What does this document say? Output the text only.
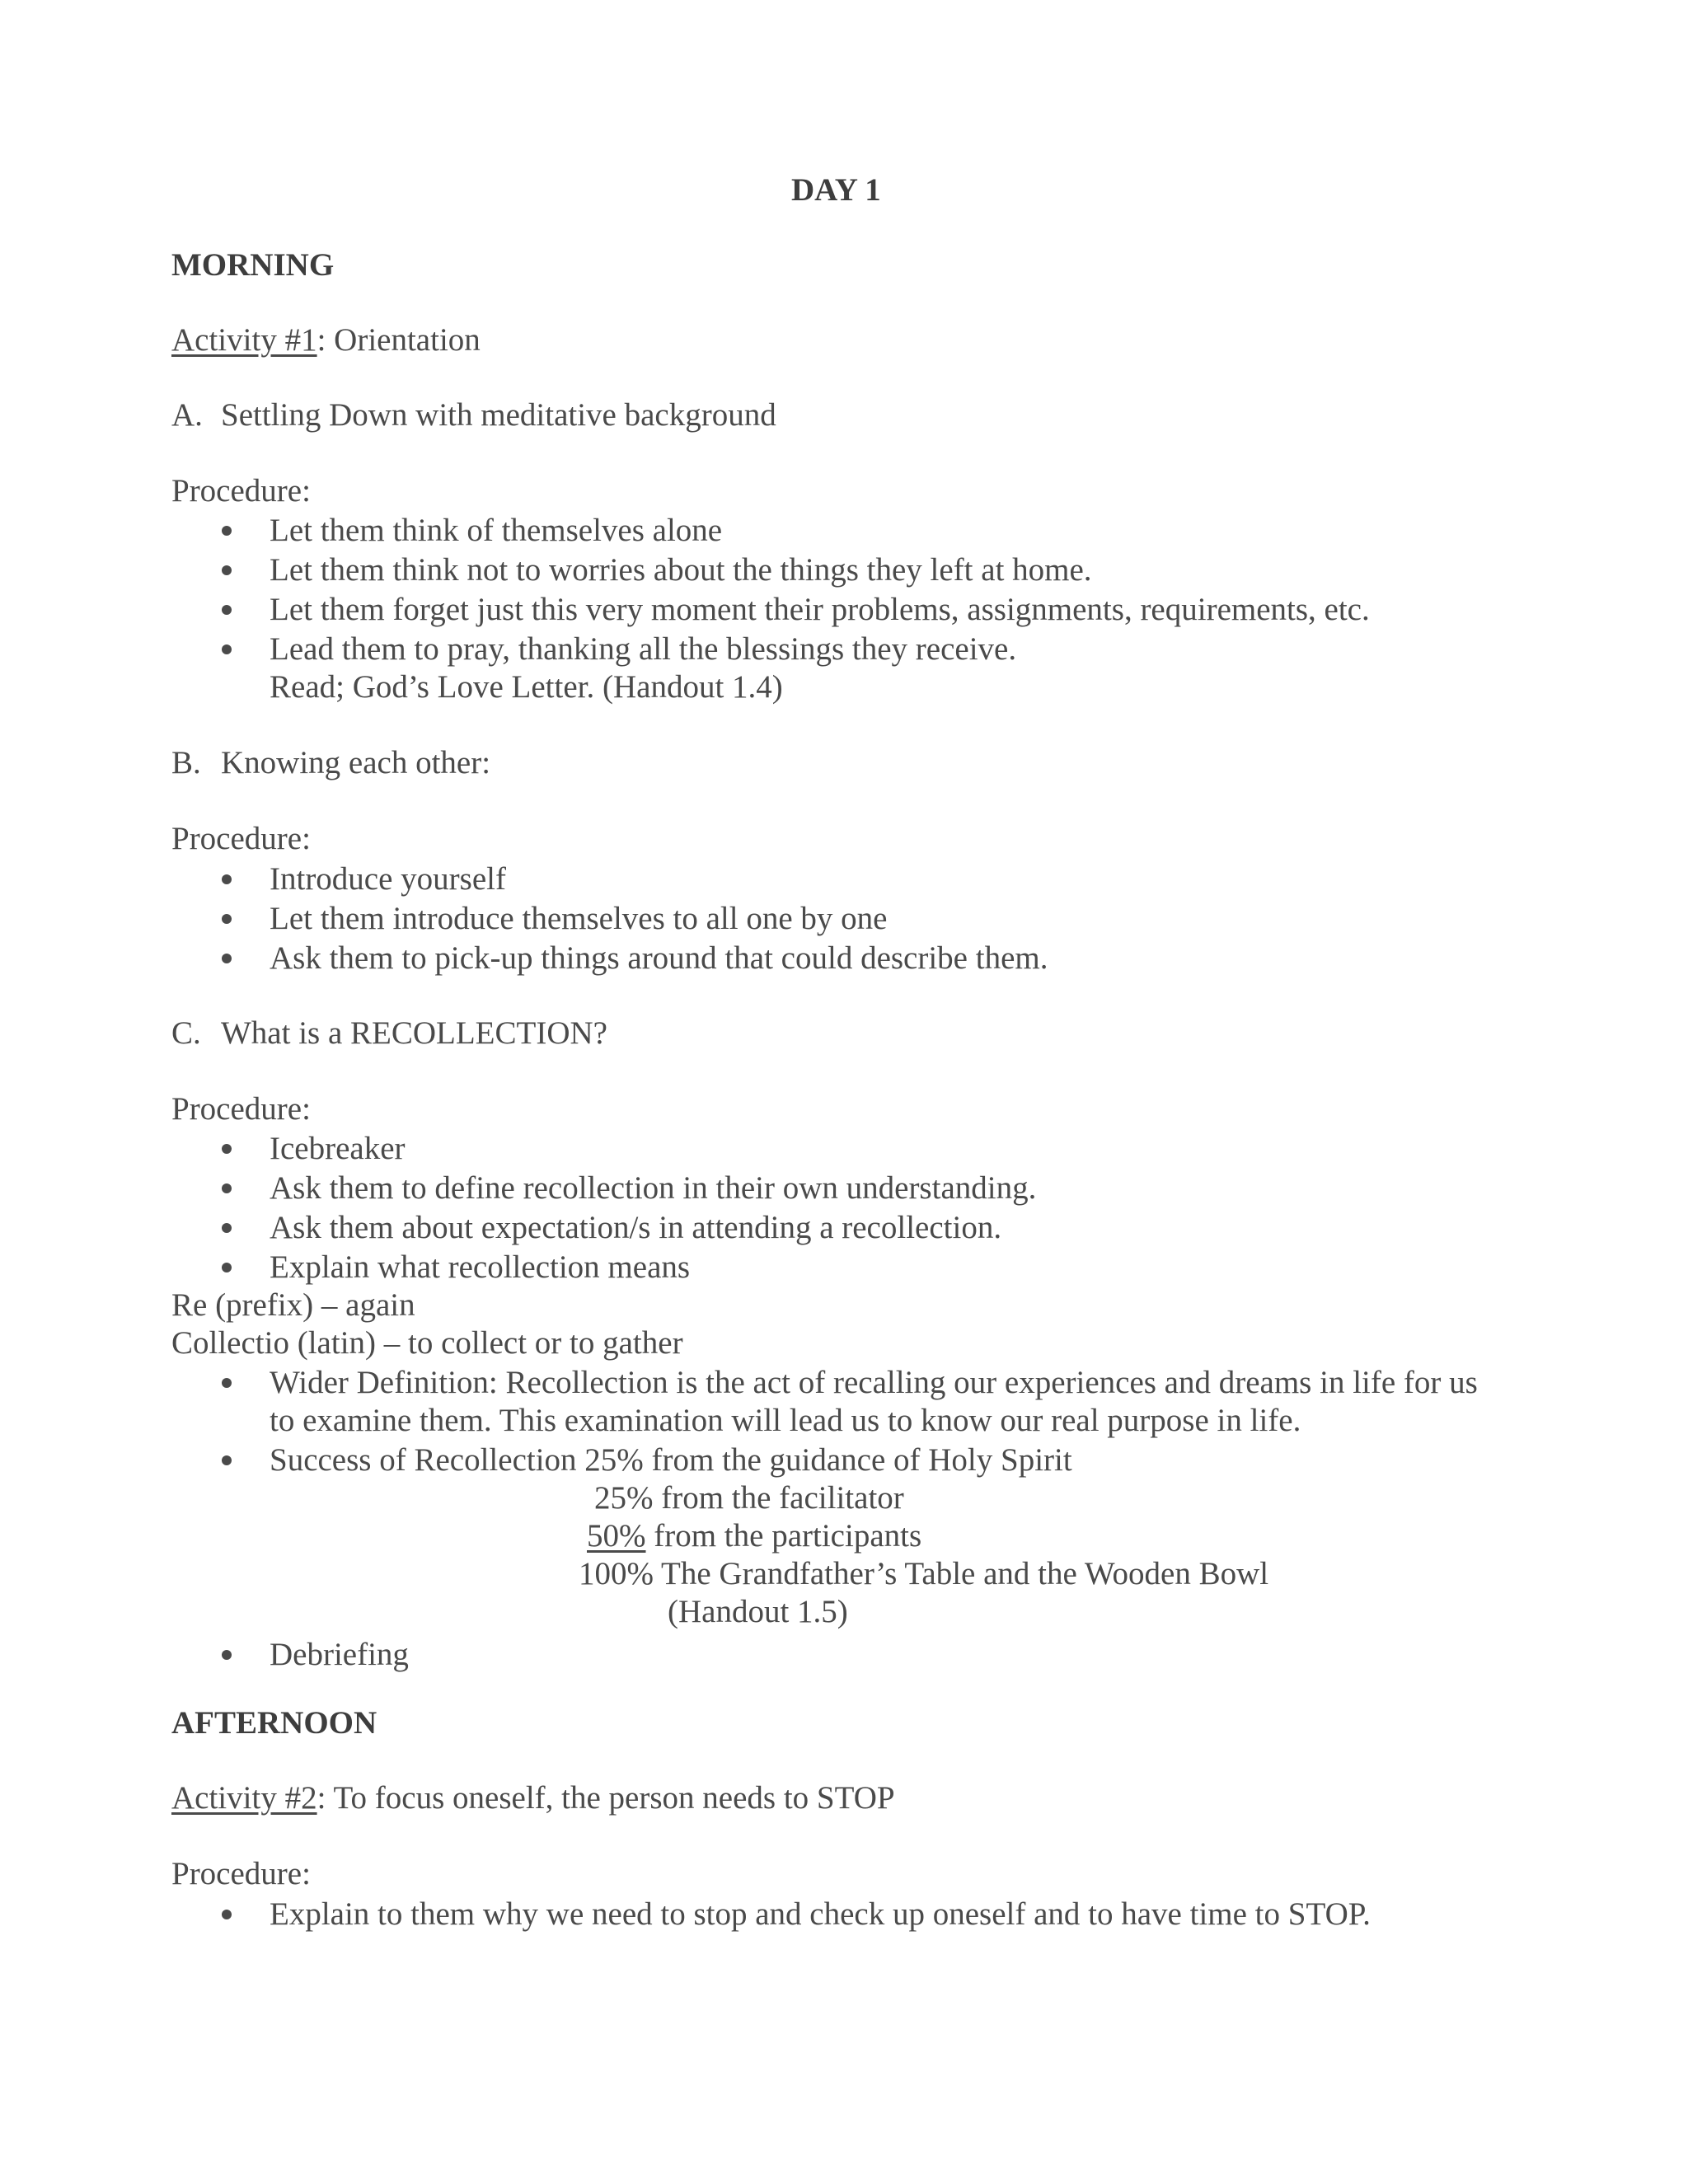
DAY 1
MORNING
Activity #1: Orientation
A. Settling Down with meditative background
Procedure:
Let them think of themselves alone
Let them think not to worries about the things they left at home.
Let them forget just this very moment their problems, assignments, requirements, etc.
Lead them to pray, thanking all the blessings they receive.
Read; God’s Love Letter. (Handout 1.4)
B. Knowing each other:
Procedure:
Introduce yourself
Let them introduce themselves to all one by one
Ask them to pick-up things around that could describe them.
C. What is a RECOLLECTION?
Procedure:
Icebreaker
Ask them to define recollection in their own understanding.
Ask them about expectation/s in attending a recollection.
Explain what recollection means
Re (prefix) – again
Collectio (latin) – to collect or to gather
Wider Definition: Recollection is the act of recalling our experiences and dreams in life for us
to examine them. This examination will lead us to know our real purpose in life.
Success of Recollection 25% from the guidance of Holy Spirit
25% from the facilitator
50% from the participants
100% The Grandfather’s Table and the Wooden Bowl
(Handout 1.5)
Debriefing
AFTERNOON
Activity #2: To focus oneself, the person needs to STOP
Procedure:
Explain to them why we need to stop and check up oneself and to have time to STOP.
